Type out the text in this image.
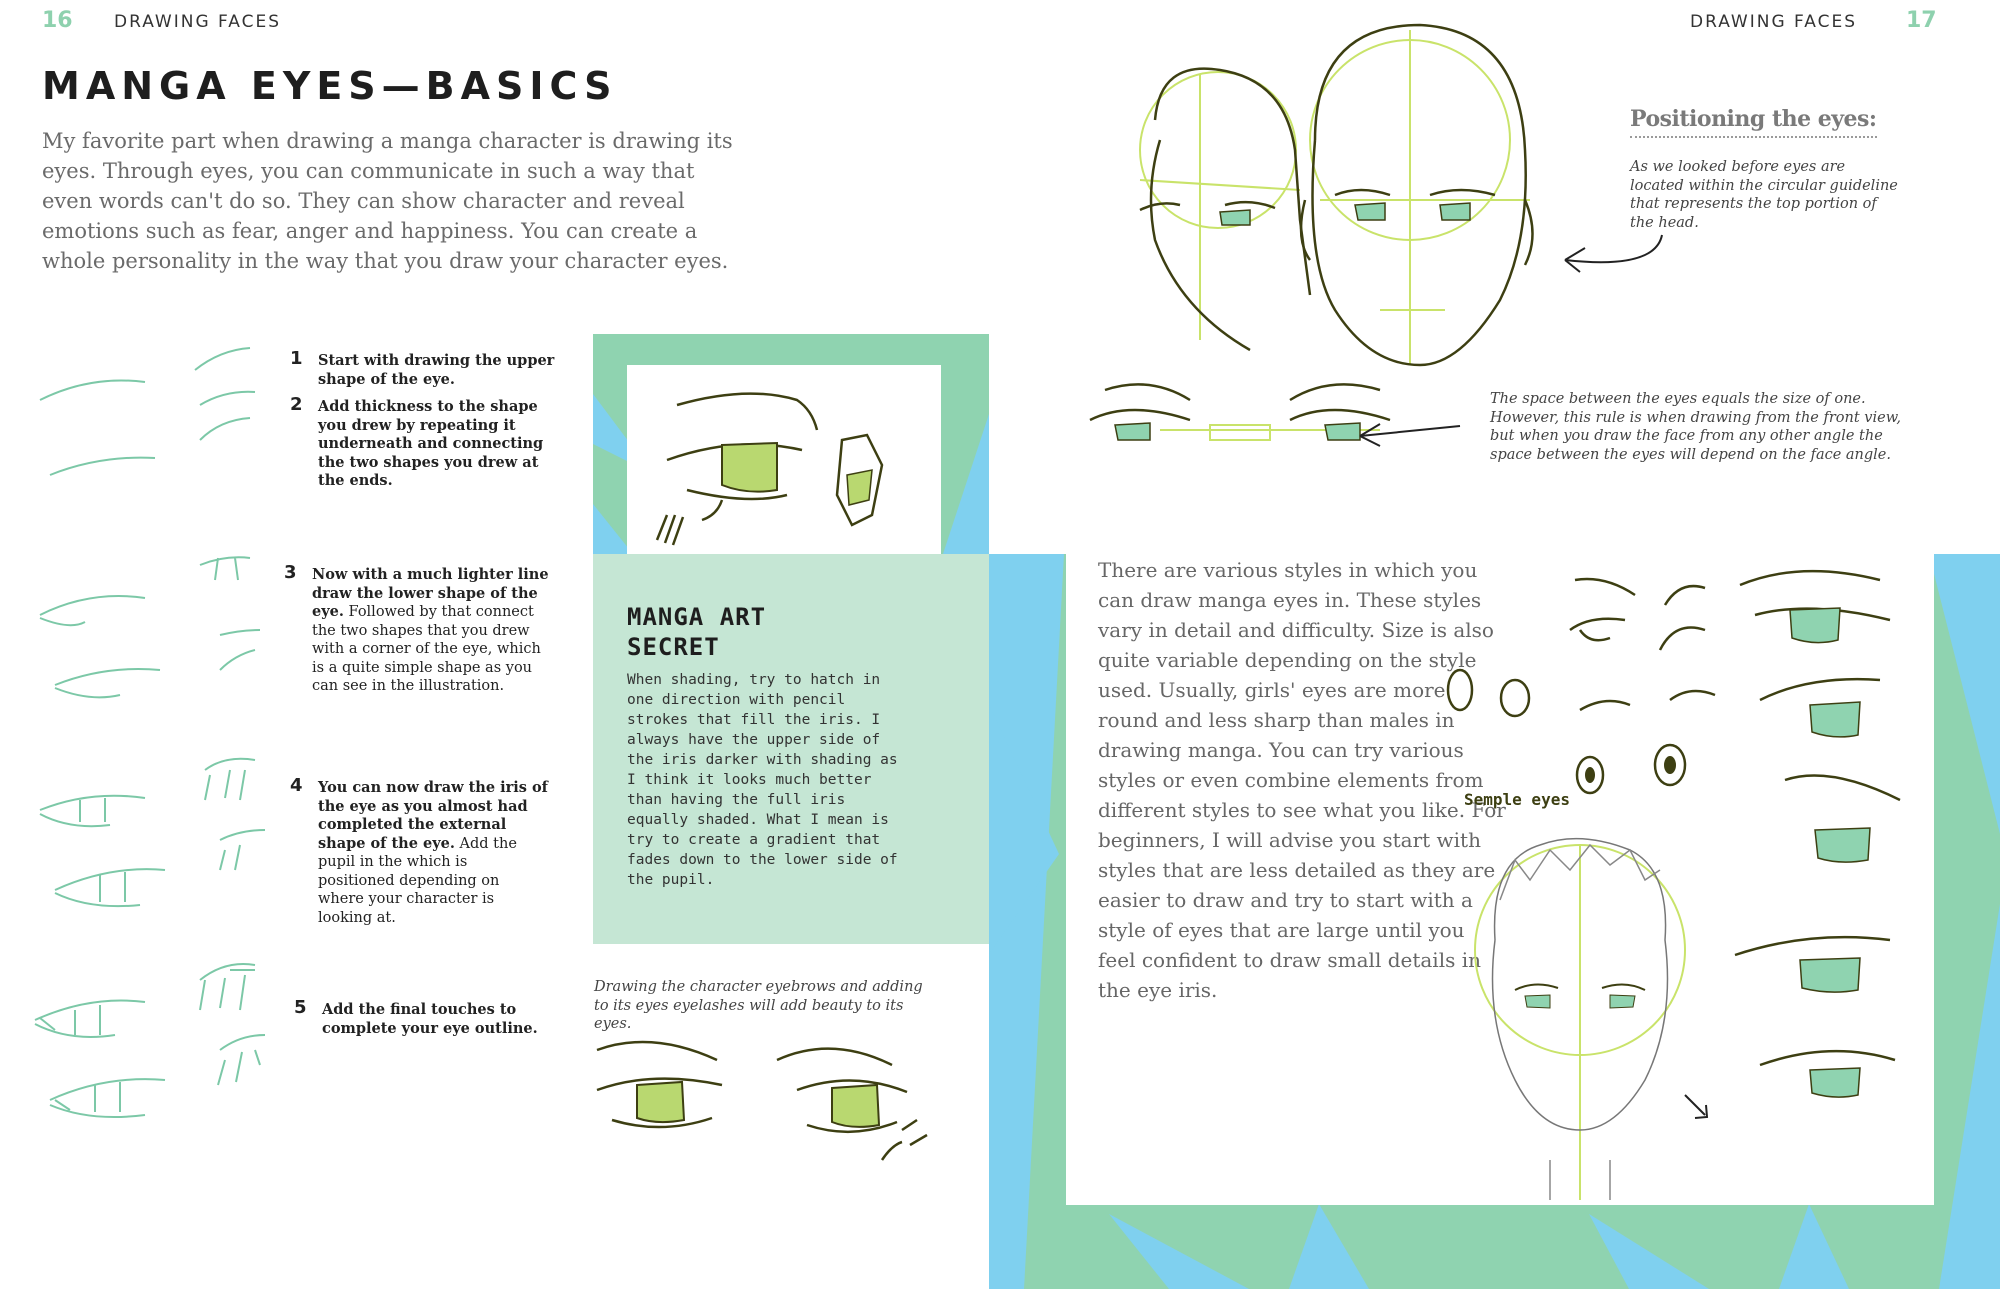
16 DRAWING FACES
MANGA EYES—BASICS
My favorite part when drawing a manga character is drawing its eyes. Through eyes, you can communicate in such a way that even words can't do so. They can show character and reveal emotions such as fear, anger and happiness. You can create a whole personality in the way that you draw your character eyes.
1 Start with drawing the upper shape of the eye.
2 Add thickness to the shape you drew by repeating it underneath and connecting the two shapes you drew at the ends.
3 Now with a much lighter line draw the lower shape of the eye. Followed by that connect the two shapes that you drew with a corner of the eye, which is a quite simple shape as you can see in the illustration.
4 You can now draw the iris of the eye as you almost had completed the external shape of the eye. Add the pupil in the which is positioned depending on where your character is looking at.
5 Add the final touches to complete your eye outline.
MANGA ART SECRET
When shading, try to hatch in one direction with pencil strokes that fill the iris. I always have the upper side of the iris darker with shading as I think it looks much better than having the full iris equally shaded. What I mean is try to create a gradient that fades down to the lower side of the pupil.
Drawing the character eyebrows and adding to its eyes eyelashes will add beauty to its eyes.
DRAWING FACES 17
Positioning the eyes:
As we looked before eyes are located within the circular guideline that represents the top portion of the head.
The space between the eyes equals the size of one. However, this rule is when drawing from the front view, but when you draw the face from any other angle the space between the eyes will depend on the face angle.
There are various styles in which you can draw manga eyes in. These styles vary in detail and difficulty. Size is also quite variable depending on the style used. Usually, girls' eyes are more round and less sharp than males in drawing manga. You can try various styles or even combine elements from different styles to see what you like. For beginners, I will advise you start with styles that are less detailed as they are easier to draw and try to start with a style of eyes that are large until you feel confident to draw small details in the eye iris.
Semple eyes
